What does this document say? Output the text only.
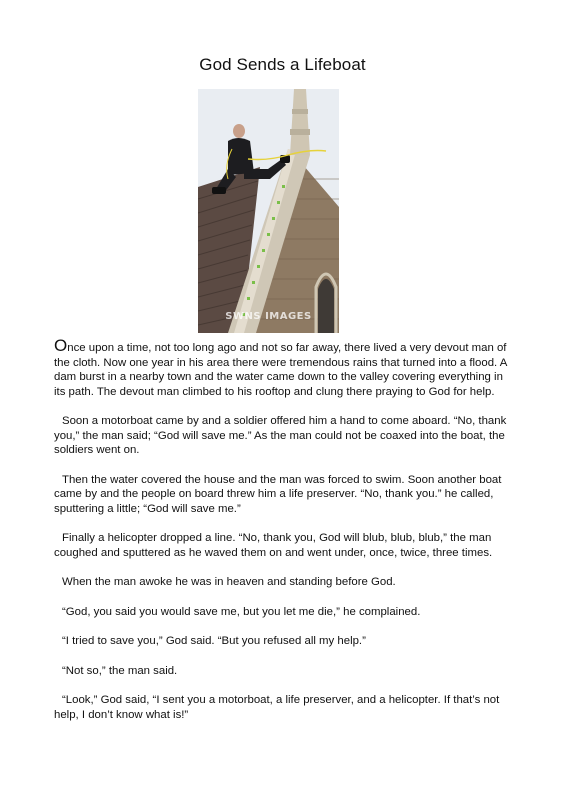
God Sends a Lifeboat
SWNS IMAGES

Once upon a time, not too long ago and not so far away, there lived a very devout man of the cloth. Now one year in his area there were tremendous rains that turned into a flood. A dam burst in a nearby town and the water came down to the valley covering everything in its path. The devout man climbed to his rooftop and clung there praying to God for help.

Soon a motorboat came by and a soldier offered him a hand to come aboard. “No, thank you,” the man said; “God will save me.” As the man could not be coaxed into the boat, the soldiers went on.

Then the water covered the house and the man was forced to swim. Soon another boat came by and the people on board threw him a life preserver. “No, thank you.” he called, sputtering a little; “God will save me.”

Finally a helicopter dropped a line. “No, thank you, God will blub, blub, blub,” the man coughed and sputtered as he waved them on and went under, once, twice, three times.

When the man awoke he was in heaven and standing before God.

“God, you said you would save me, but you let me die,” he complained.

“I tried to save you,” God said. “But you refused all my help.”

“Not so,” the man said.

“Look,” God said, “I sent you a motorboat, a life preserver, and a helicopter. If that’s not help, I don’t know what is!”
